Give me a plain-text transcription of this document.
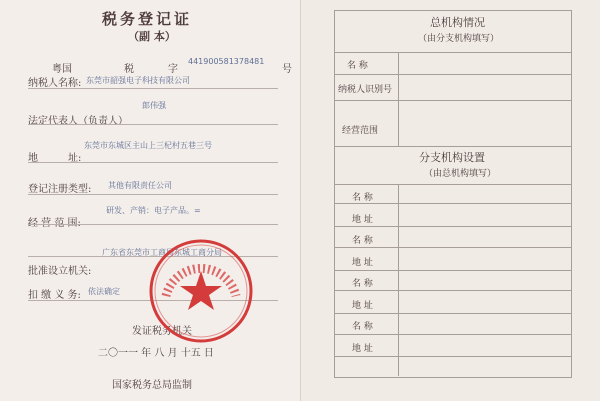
税务登记证
（副 本）
粤国	税	字
441900581378481
号
纳税人名称: 东莞市韶强电子科技有限公司
法定代表人（负责人）
郎伟强
地	址:
东莞市东城区主山上三杞村五巷三号
登记注册类型: 其他有限责任公司
经 营 范 围:
研发、产销：电子产品。=
批准设立机关:
广东省东莞市工商局东城工商分局
扣 缴 义 务: 依法确定
发证税务机关
二〇一一 年 八 月 十五 日
国家税务总局监制
总机构情况
（由分支机构填写）
名 称
纳税人识别号
经营范围
分支机构设置
（由总机构填写）
名 称
地 址
名 称
地 址
名 称
地 址
名 称
地 址
